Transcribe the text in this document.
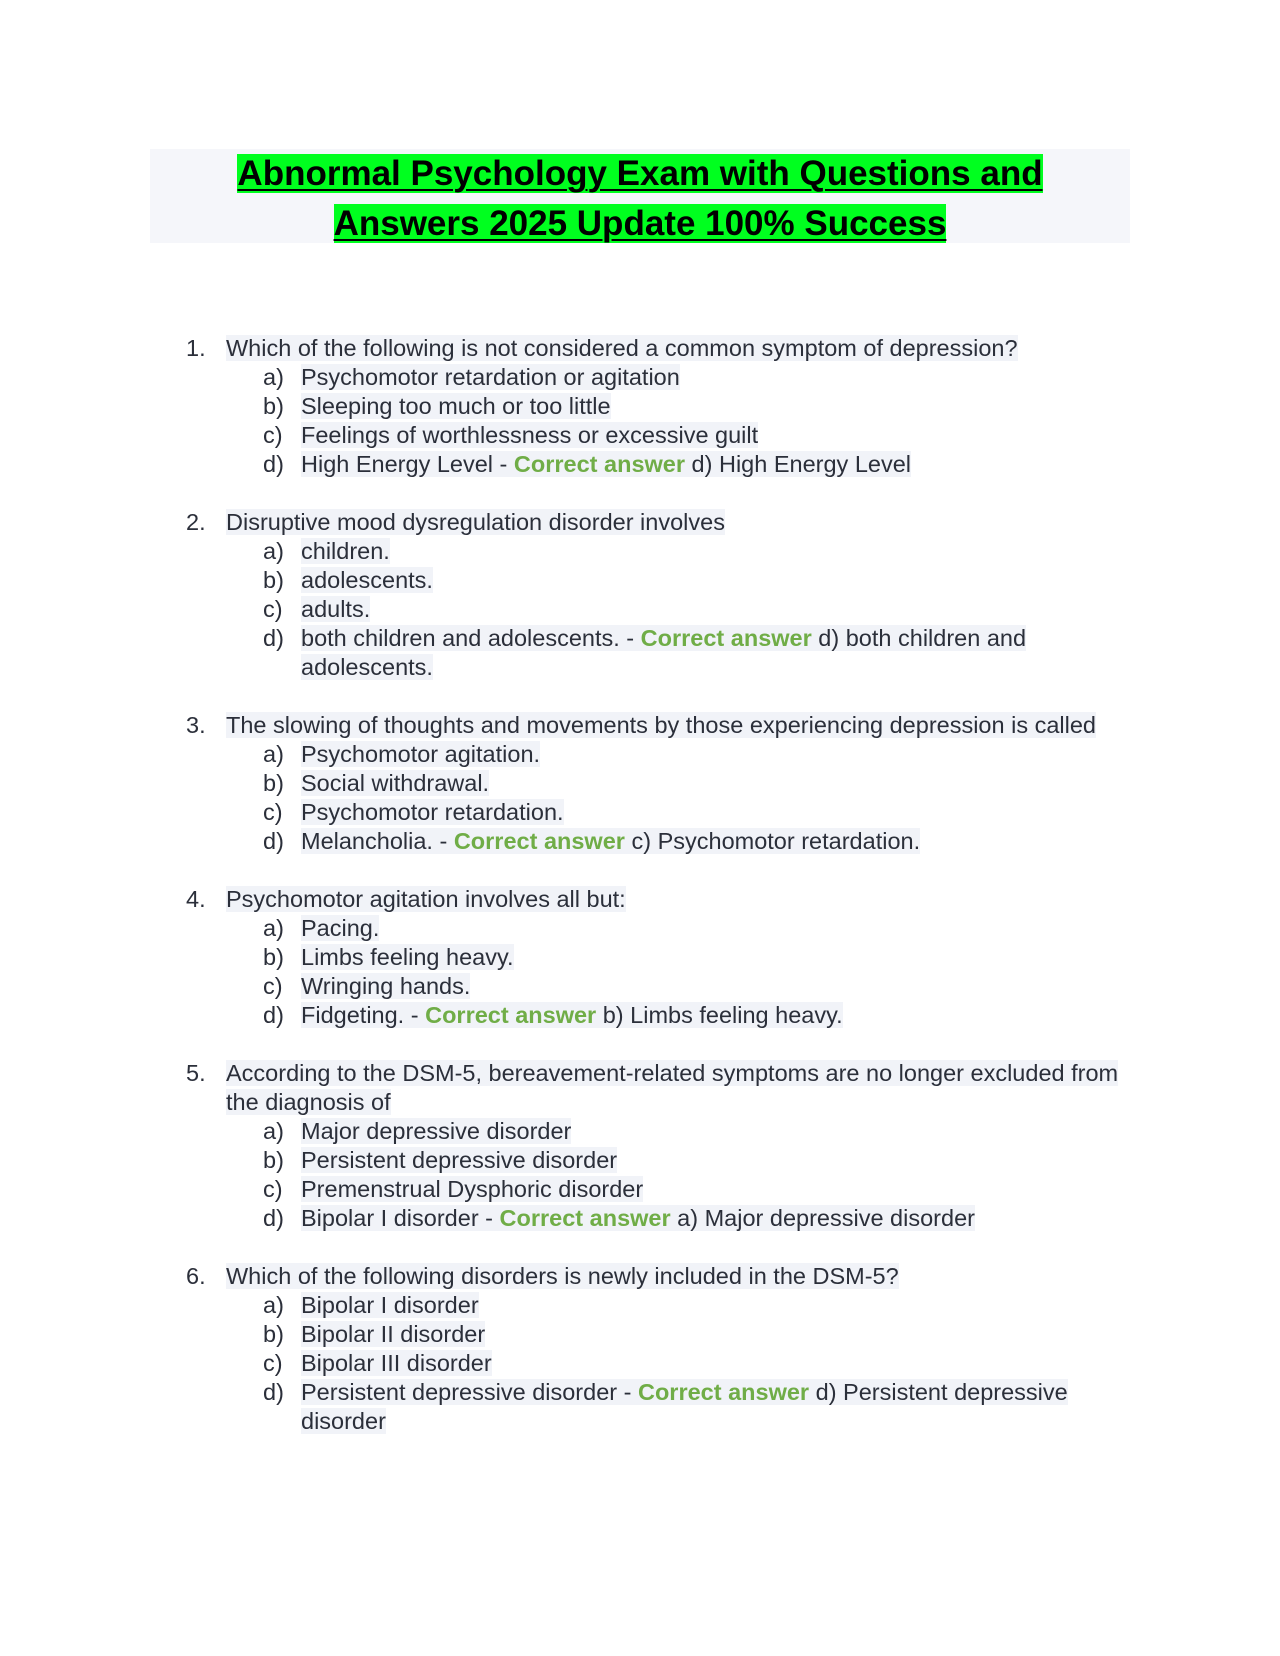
Abnormal Psychology Exam with Questions and
Answers 2025 Update 100% Success
1. Which of the following is not considered a common symptom of depression?
a) Psychomotor retardation or agitation
b) Sleeping too much or too little
c) Feelings of worthlessness or excessive guilt
d) High Energy Level - Correct answer d) High Energy Level
2. Disruptive mood dysregulation disorder involves
a) children.
b) adolescents.
c) adults.
d) both children and adolescents. - Correct answer d) both children and adolescents.
3. The slowing of thoughts and movements by those experiencing depression is called
a) Psychomotor agitation.
b) Social withdrawal.
c) Psychomotor retardation.
d) Melancholia. - Correct answer c) Psychomotor retardation.
4. Psychomotor agitation involves all but:
a) Pacing.
b) Limbs feeling heavy.
c) Wringing hands.
d) Fidgeting. - Correct answer b) Limbs feeling heavy.
5. According to the DSM-5, bereavement-related symptoms are no longer excluded from the diagnosis of
a) Major depressive disorder
b) Persistent depressive disorder
c) Premenstrual Dysphoric disorder
d) Bipolar I disorder - Correct answer a) Major depressive disorder
6. Which of the following disorders is newly included in the DSM-5?
a) Bipolar I disorder
b) Bipolar II disorder
c) Bipolar III disorder
d) Persistent depressive disorder - Correct answer d) Persistent depressive disorder
